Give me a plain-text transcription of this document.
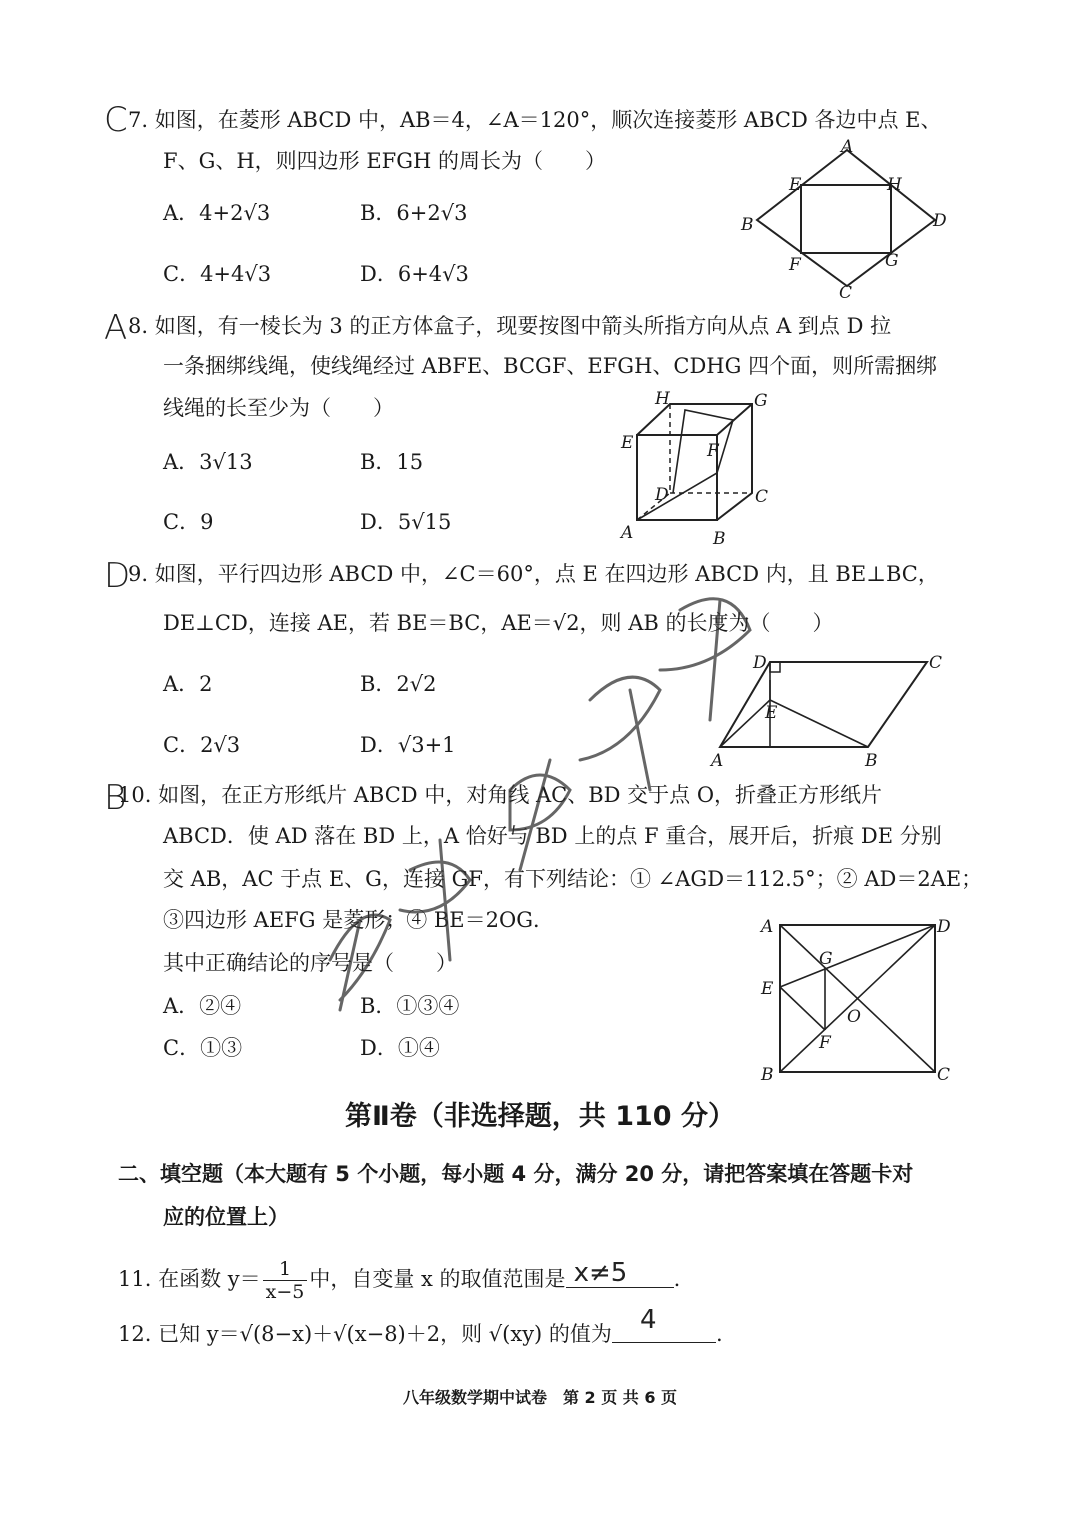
C 7. 如图，在菱形 ABCD 中，AB＝4，∠A＝120°，顺次连接菱形 ABCD 各边中点 E、
F、G、H，则四边形 EFGH 的周长为（　　）
A．4+2√3	B．6+2√3
C．4+4√3	D．6+4√3
A
E	H
B	D
F	G
C
A 8. 如图，有一棱长为 3 的正方体盒子，现要按图中箭头所指方向从点 A 到点 D 拉
一条捆绑线绳，使线绳经过 ABFE、BCGF、EFGH、CDHG 四个面，则所需捆绑
线绳的长至少为（　　）
A．3√13	B．15
C．9	D．5√15
H	G
E	F
D	C
A	B
D
9. 如图，平行四边形 ABCD 中，∠C＝60°，点 E 在四边形 ABCD 内，且 BE⊥BC，
DE⊥CD，连接 AE，若 BE＝BC，AE＝√2，则 AB 的长度为（　　）
A．2	B．2√2
C．2√3	D．√3+1
D	C
E
A	B
B
10. 如图，在正方形纸片 ABCD 中，对角线 AC、BD 交于点 O，折叠正方形纸片
ABCD．使 AD 落在 BD 上，A 恰好与 BD 上的点 F 重合，展开后，折痕 DE 分别
交 AB，AC 于点 E、G，连接 GF，有下列结论：① ∠AGD＝112.5°；② AD＝2AE；
③四边形 AEFG 是菱形；④ BE＝2OG．
其中正确结论的序号是（　　）
A．②④	B．①③④
C．①③	D．①④
A	D
G
E
O
F
B	C
第Ⅱ卷（非选择题，共 110 分）
二、填空题（本大题有 5 个小题，每小题 4 分，满分 20 分，请把答案填在答题卡对
应的位置上）
11. 在函数 $y= \frac{1}{x-5}$ 中，自变量 x 的取值范围是 x≠5 .
12. 已知 y＝√(8−x)＋√(x−8)＋2，则 √(xy) 的值为 4	.
八年级数学期中试卷　第 2 页 共 6 页
